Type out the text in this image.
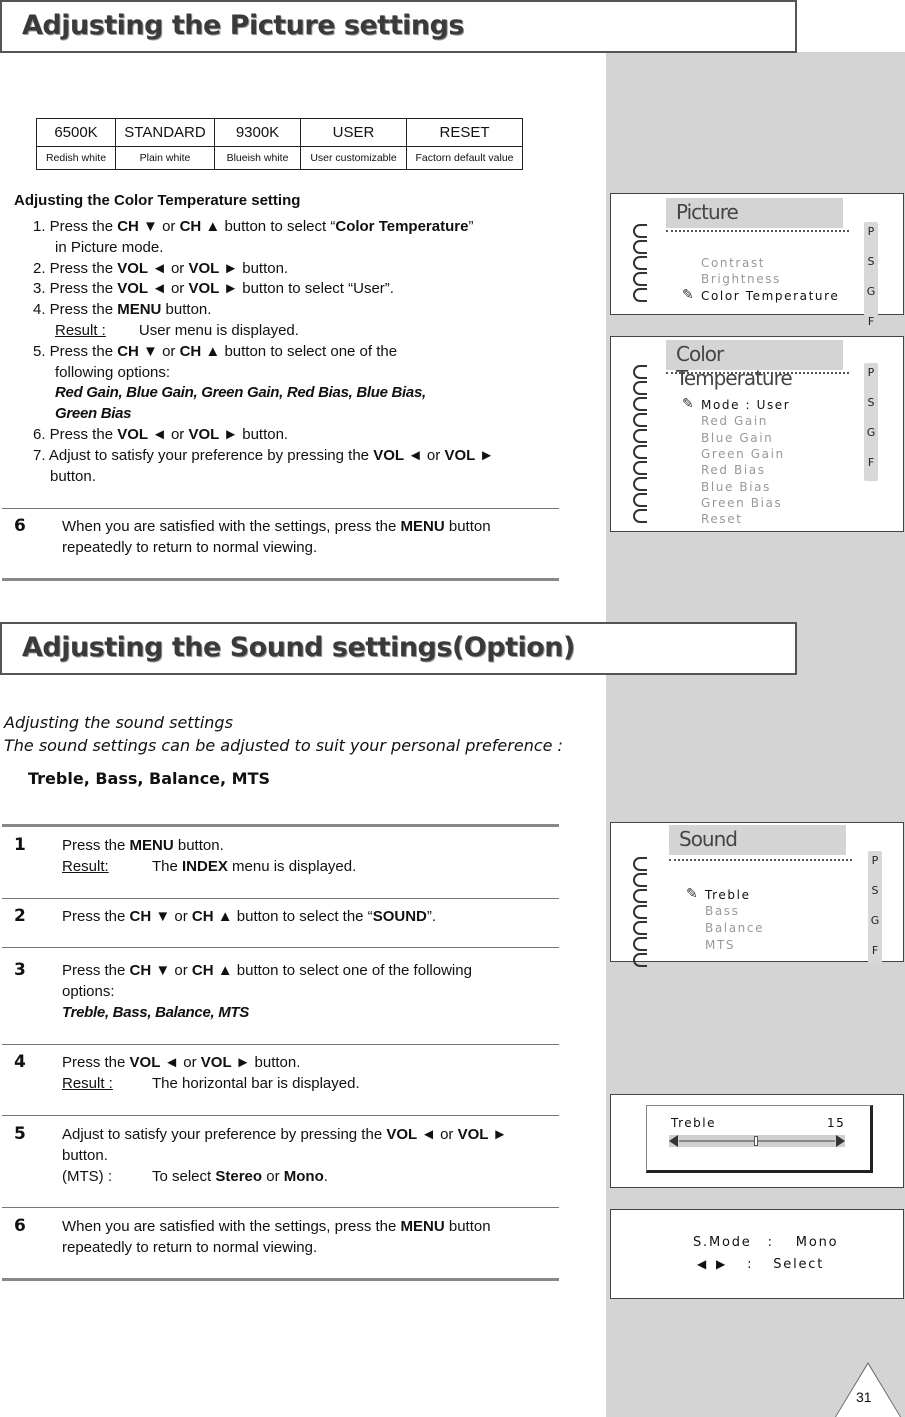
Adjusting the Picture settings
6500K	STANDARD	9300K	USER	RESET
Redish white	Plain white	Blueish white	User customizable	Factorn default value
Adjusting the Color Temperature setting
1. Press the CH ▼ or CH ▲ button to select “Color Temperature”
in Picture mode.
2. Press the VOL ◄ or VOL ► button.
3. Press the VOL ◄ or VOL ► button to select “User”.
4. Press the MENU button.
Result : User menu is displayed.
5. Press the CH ▼ or CH ▲ button to select one of the
following options:
Red Gain, Blue Gain, Green Gain, Red Bias, Blue Bias,
Green Bias
6. Press the VOL ◄ or VOL ► button.
7. Adjust to satisfy your preference by pressing the VOL ◄ or VOL ►
button.
6 When you are satisfied with the settings, press the MENU button
repeatedly to return to normal viewing.
Picture
P
S
G
F
Contrast
Brightness
✎ Color Temperature
Color Temperature	P
S
G
F
✎ Mode : User
Red Gain
Blue Gain
Green Gain
Red Bias
Blue Bias
Green Bias
Reset
Adjusting the Sound settings(Option)
Adjusting the sound settings
The sound settings can be adjusted to suit your personal preference :
Treble, Bass, Balance, MTS
1 Press the MENU button.
Result:	The INDEX menu is displayed.
2 Press the CH ▼ or CH ▲ button to select the “SOUND”.
3 Press the CH ▼ or CH ▲ button to select one of the following
options:
Treble, Bass, Balance, MTS
4 Press the VOL ◄ or VOL ► button.
Result :	The horizontal bar is displayed.
5 Adjust to satisfy your preference by pressing the VOL ◄ or VOL ►
button.
(MTS) :	To select Stereo or Mono.
6 When you are satisfied with the settings, press the MENU button
repeatedly to return to normal viewing.
Sound
P
S
G
F
✎ Treble
Bass
Balance
MTS
Treble	15
S.Mode : Mono
◀ ▶ : Select
31
